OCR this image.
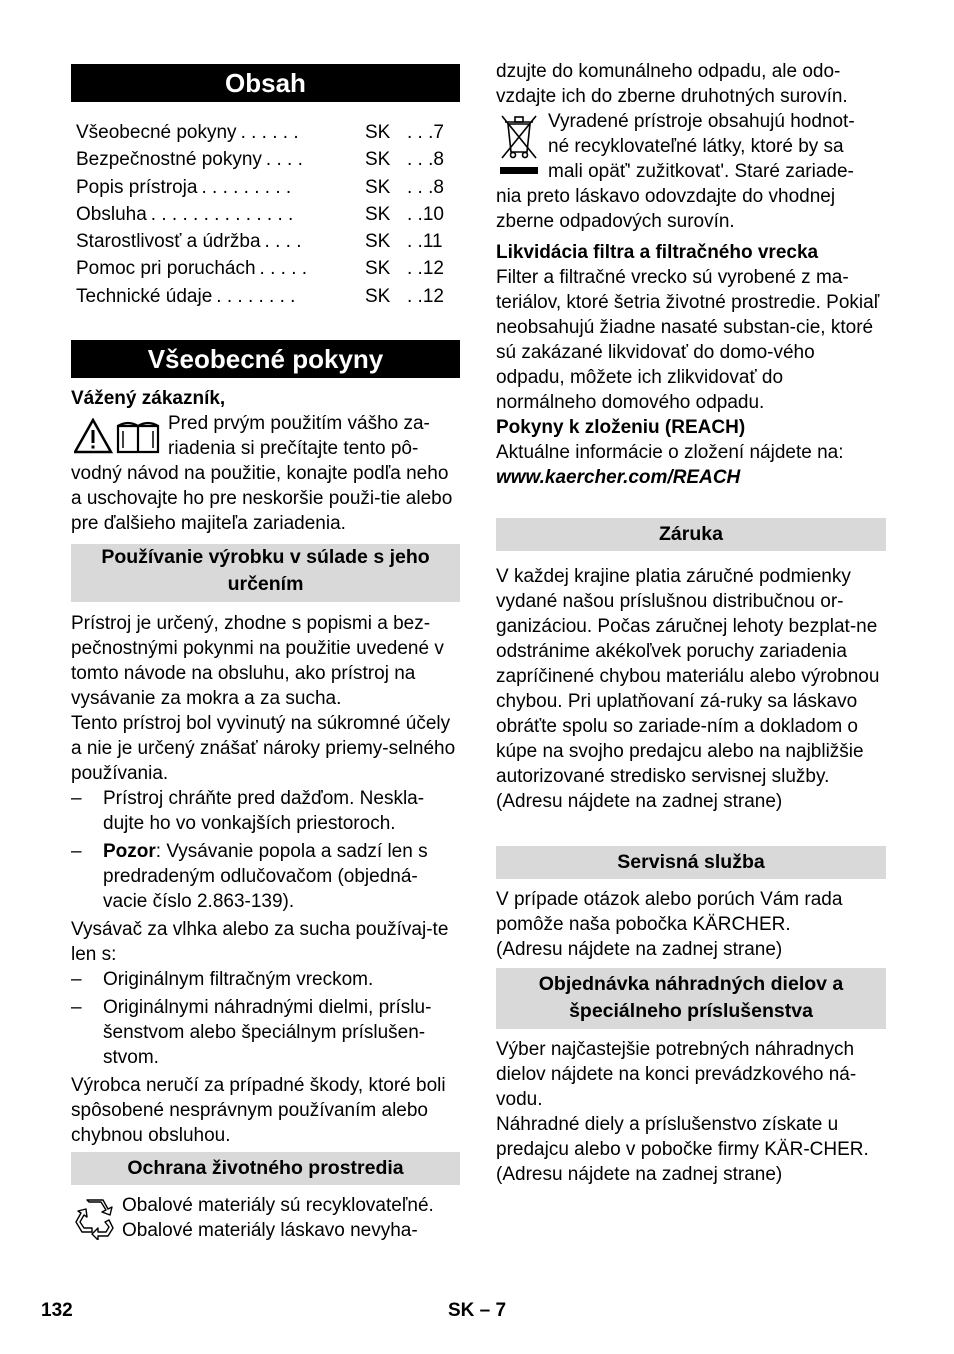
Obsah
Všeobecné pokyny . . . . . .	SK . . .7
Bezpečnostné pokyny . . . .	SK . . .8
Popis prístroja . . . . . . . . .	SK . . .8
Obsluha . . . . . . . . . . . . . .	SK . .10
Starostlivosť a údržba . . . .	SK . .11
Pomoc pri poruchách . . . . .	SK . .12
Technické údaje . . . . . . . .	SK . .12
Všeobecné pokyny
Vážený zákazník,
Pred prvým použitím vášho za-
riadenia si prečítajte tento pô-

vodný návod na použitie, konajte podľa neho a uschovajte ho pre neskoršie použi-tie alebo pre ďalšieho majiteľa zariadenia.

Používanie výrobku v súlade s jeho určením

Prístroj je určený, zhodne s popismi a bez-pečnostnými pokynmi na použitie uvedené v tomto návode na obsluhu, ako prístroj na vysávanie za mokra a za sucha.

Tento prístroj bol vyvinutý na súkromné účely a nie je určený znášať nároky priemy-selného používania.

– Prístroj chráňte pred dažďom. Neskla-dujte ho vo vonkajších priestoroch.
– Pozor: Vysávanie popola a sadzí len s predradeným odlučovačom (objedná-vacie číslo 2.863-139).

Vysávač za vlhka alebo za sucha používaj-te len s:

– Originálnym filtračným vreckom.
– Originálnymi náhradnými dielmi, príslu-šenstvom alebo špeciálnym príslušen-stvom.

Výrobca neručí za prípadné škody, ktoré boli spôsobené nesprávnym používaním alebo chybnou obsluhou.

Ochrana životného prostredia
Obalové materiály sú recyklovateľné.
Obalové materiály láskavo nevyha-

dzujte do komunálneho odpadu, ale odo-vzdajte ich do zberne druhotných surovín.

Vyradené prístroje obsahujú hodnot-
né recyklovateľné látky, ktoré by sa
mali opäť' zužitkovat'. Staré zariade-

nia preto láskavo odovzdajte do vhodnej zberne odpadových surovín.

Likvidácia filtra a filtračného vrecka

Filter a filtračné vrecko sú vyrobené z ma-teriálov, ktoré šetria životné prostredie. Pokiaľ neobsahujú žiadne nasaté substan-cie, ktoré sú zakázané likvidovať do domo-vého odpadu, môžete ich zlikvidovať do normálneho domového odpadu.

Pokyny k zloženiu (REACH)

Aktuálne informácie o zložení nájdete na:

www.kaercher.com/REACH
Záruka

V každej krajine platia záručné podmienky vydané našou príslušnou distribučnou or-ganizáciou. Počas záručnej lehoty bezplat-ne odstránime akékoľvek poruchy zariadenia zapríčinené chybou materiálu alebo výrobnou chybou. Pri uplatňovaní zá-ruky sa láskavo obráťte spolu so zariade-ním a dokladom o kúpe na svojho predajcu alebo na najbližšie autorizované stredisko servisnej služby.

(Adresu nájdete na zadnej strane)

Servisná služba

V prípade otázok alebo porúch Vám rada pomôže naša pobočka KÄRCHER.

(Adresu nájdete na zadnej strane)

Objednávka náhradných dielov a špeciálneho príslušenstva

Výber najčastejšie potrebných náhradnych dielov nájdete na konci prevádzkového ná-vodu.

Náhradné diely a príslušenstvo získate u predajcu alebo v pobočke firmy KÄR-CHER.

(Adresu nájdete na zadnej strane)

132	SK – 7
